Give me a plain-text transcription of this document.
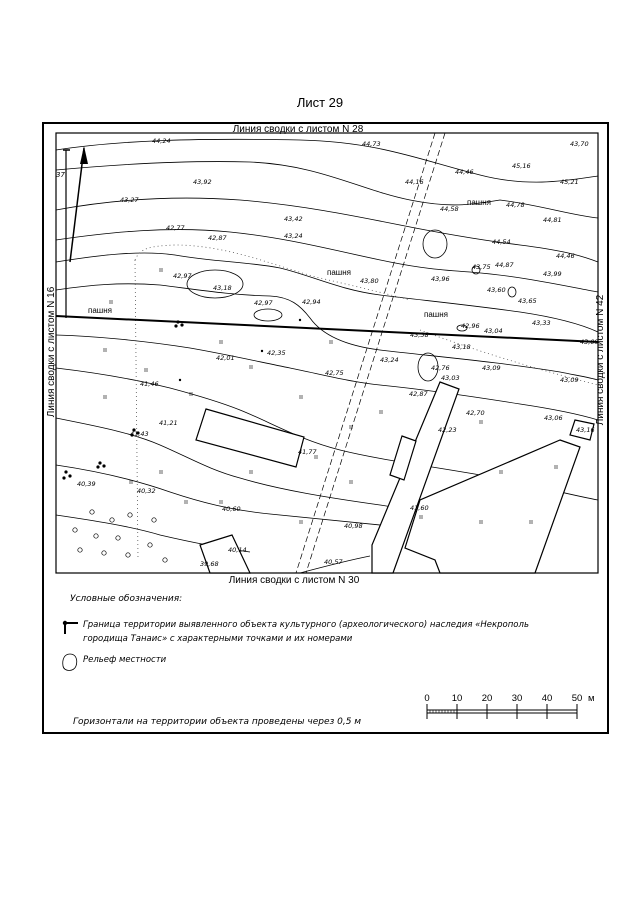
Лист 29
Линия сводки с листом N 28
Линия сводки с листом N 30
Линия сводки с листом N 16	Линия сводки с листом N 42
пашня
пашня
пашня
пашня
37
44,24	44,73	43,70
45,16
43,92	44,16
44,46
45,21
43,27
44,58	44,78
43,42	44,81
42,77
42,87	43,24
44,54
44,46
42,97
43,18
43,75 44,87
43,99
42,97	42,94
43,60
43,65
43,96
43,33
42,96
43,04
43,38
43,09
43,18
42,35
42,01	43,24
42,76	43,09
41,46
42,75
43,03
42,87
43,09
41,21
41,43
42,70
43,06
42,23	43,16
41,77
40,39
40,32
40,60	41,60
40,98
40,14
39,68	40,57
43,80
Условные обозначения:
Граница территории выявленного объекта культурного (археологического) наследия «Некрополь
городища Танаис» с характерными точками и их номерами
Рельеф местности
0 10 20 30 40 50 м
Горизонтали на территории объекта проведены через 0,5 м
